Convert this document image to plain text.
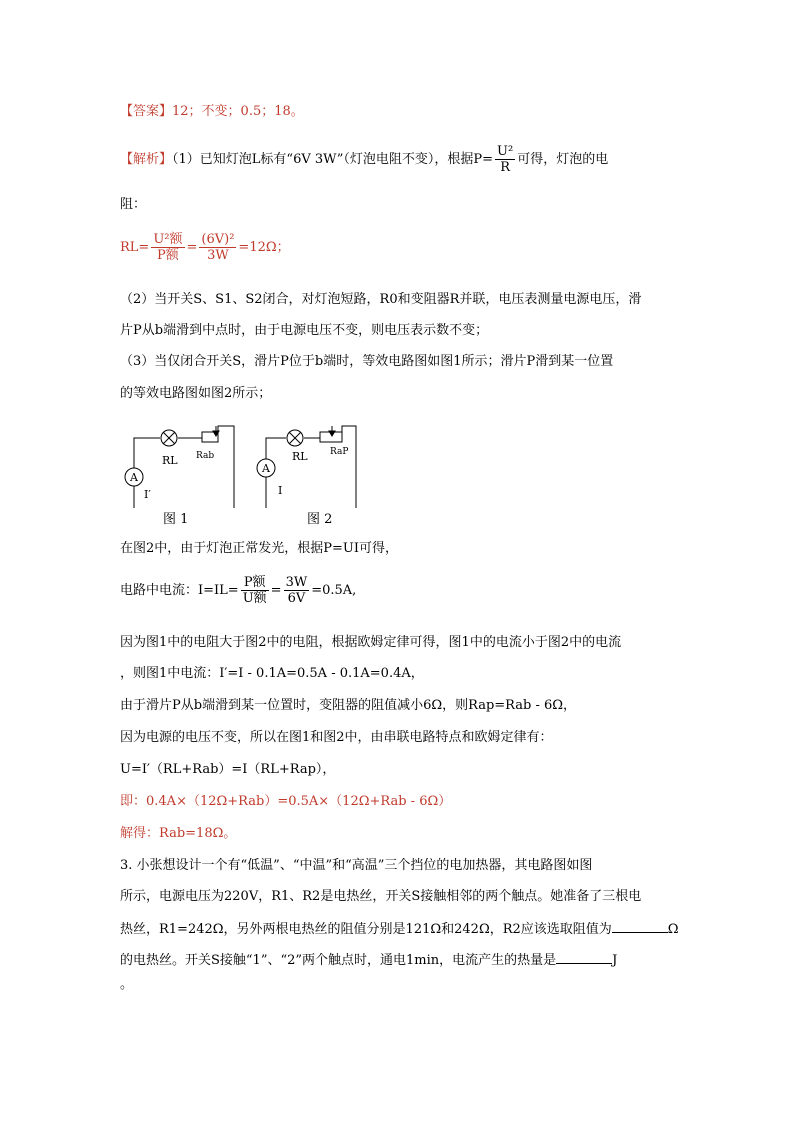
【答案】12；不变；0.5；18。
【解析】（1）已知灯泡L标有“6V 3W”（灯泡电阻不变），根据$P= \frac{\text{U²}}{R}$ 可得，灯泡的电
阻：
$RL= \frac{\text{U²额}}{\text{P额}} = \frac{\text{(6V)²}}{3W} =12\Omega$；
（2）当开关S、S1、S2闭合，对灯泡短路，R0和变阻器R并联，电压表测量电源电压，滑
片P从b端滑到中点时，由于电源电压不变，则电压表示数不变；
（3）当仅闭合开关S，滑片P位于b端时，等效电路图如图1所示；滑片P滑到某一位置
的等效电路图如图2所示；
A
A
RL Rab
I′
RL RaP
I
图 1	图 2
在图2中，由于灯泡正常发光，根据P=UI可得，
电路中电流：$I=IL= \frac{\text{P额}}{\text{U额}} = \frac{3W}{6V} =0.5A$,
因为图1中的电阻大于图2中的电阻，根据欧姆定律可得，图1中的电流小于图2中的电流
，则图1中电流：I′=I - 0.1A=0.5A - 0.1A=0.4A，
由于滑片P从b端滑到某一位置时，变阻器的阻值减小6Ω，则Rap=Rab - 6Ω，
因为电源的电压不变，所以在图1和图2中，由串联电路特点和欧姆定律有：
U=I′（RL+Rab）=I（RL+Rap），
即：0.4A×（12Ω+Rab）=0.5A×（12Ω+Rab - 6Ω）
解得：Rab=18Ω。
3. 小张想设计一个有“低温”、“中温”和“高温”三个挡位的电加热器，其电路图如图
所示，电源电压为220V，R1、R2是电热丝，开关S接触相邻的两个触点。她准备了三根电
热丝，R1=242Ω，另外两根电热丝的阻值分别是121Ω和242Ω，R2应该选取阻值为	Ω
的电热丝。开关S接触“1”、“2”两个触点时，通电1min，电流产生的热量是	J
。
